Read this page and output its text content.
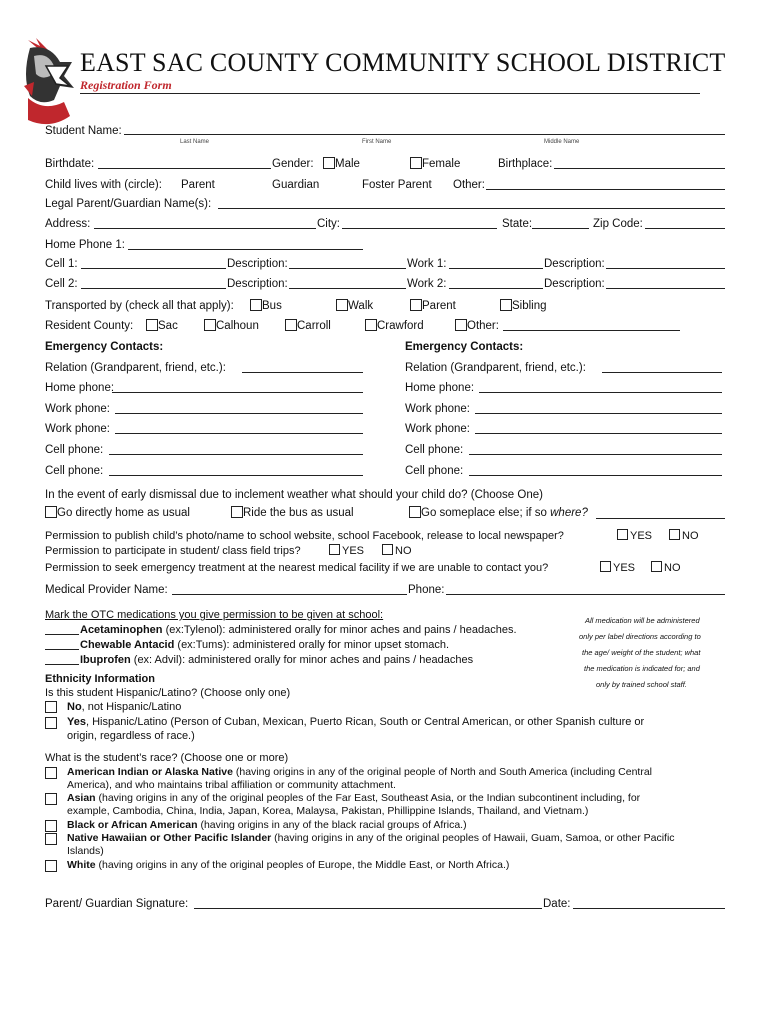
EAST SAC COUNTY COMMUNITY SCHOOL DISTRICT
Registration Form
Student Name:
Last Name	First Name	Middle Name
Birthdate:	Gender:	Male	Female	Birthplace:
Child lives with (circle): Parent	Guardian	Foster Parent Other:
Legal Parent/Guardian Name(s):
Address:	City:	State:	Zip Code:
Home Phone 1:
Cell 1:	Description:	Work 1:	Description:
Cell 2:	Description:	Work 2:	Description:
Transported by (check all that apply):	Bus	Walk	Parent	Sibling
Resident County:	Sac	Calhoun	Carroll	Crawford	Other:
Emergency Contacts:
Relation (Grandparent, friend, etc.):
Home phone:
Work phone:
Work phone:
Cell phone:
Cell phone:
Emergency Contacts:
Relation (Grandparent, friend, etc.):
Home phone:
Work phone:
Work phone:
Cell phone:
Cell phone:
In the event of early dismissal due to inclement weather what should your child do? (Choose One)
Go directly home as usual	Ride the bus as usual	Go someplace else; if so where?
Permission to publish child’s photo/name to school website, school Facebook, release to local newspaper?	YES	NO
Permission to participate in student/ class field trips?	YES	NO
Permission to seek emergency treatment at the nearest medical facility if we are unable to contact you?	YES	NO
Medical Provider Name:	Phone:
Mark the OTC medications you give permission to be given at school:
Acetaminophen (ex:Tylenol): administered orally for minor aches and pains / headaches.
Chewable Antacid (ex:Tums): administered orally for minor upset stomach.
Ibuprofen (ex: Advil): administered orally for minor aches and pains / headaches
All medication will be administered
only per label directions according to
the age/ weight of the student; what
the medication is indicated for; and
only by trained school staff.
Ethnicity Information
Is this student Hispanic/Latino? (Choose only one)
No, not Hispanic/Latino
Yes, Hispanic/Latino (Person of Cuban, Mexican, Puerto Rican, South or Central American, or other Spanish culture or
origin, regardless of race.)
What is the student’s race? (Choose one or more)
American Indian or Alaska Native (having origins in any of the original people of North and South America (including Central
America), and who maintains tribal affiliation or community attachment.
Asian (having origins in any of the original peoples of the Far East, Southeast Asia, or the Indian subcontinent including, for
example, Cambodia, China, India, Japan, Korea, Malaysa, Pakistan, Phillippine Islands, Thailand, and Vietnam.)
Black or African American (having origins in any of the black racial groups of Africa.)
Native Hawaiian or Other Pacific Islander (having origins in any of the original peoples of Hawaii, Guam, Samoa, or other Pacific
Islands)
White (having origins in any of the original peoples of Europe, the Middle East, or North Africa.)
Parent/ Guardian Signature:	Date:
